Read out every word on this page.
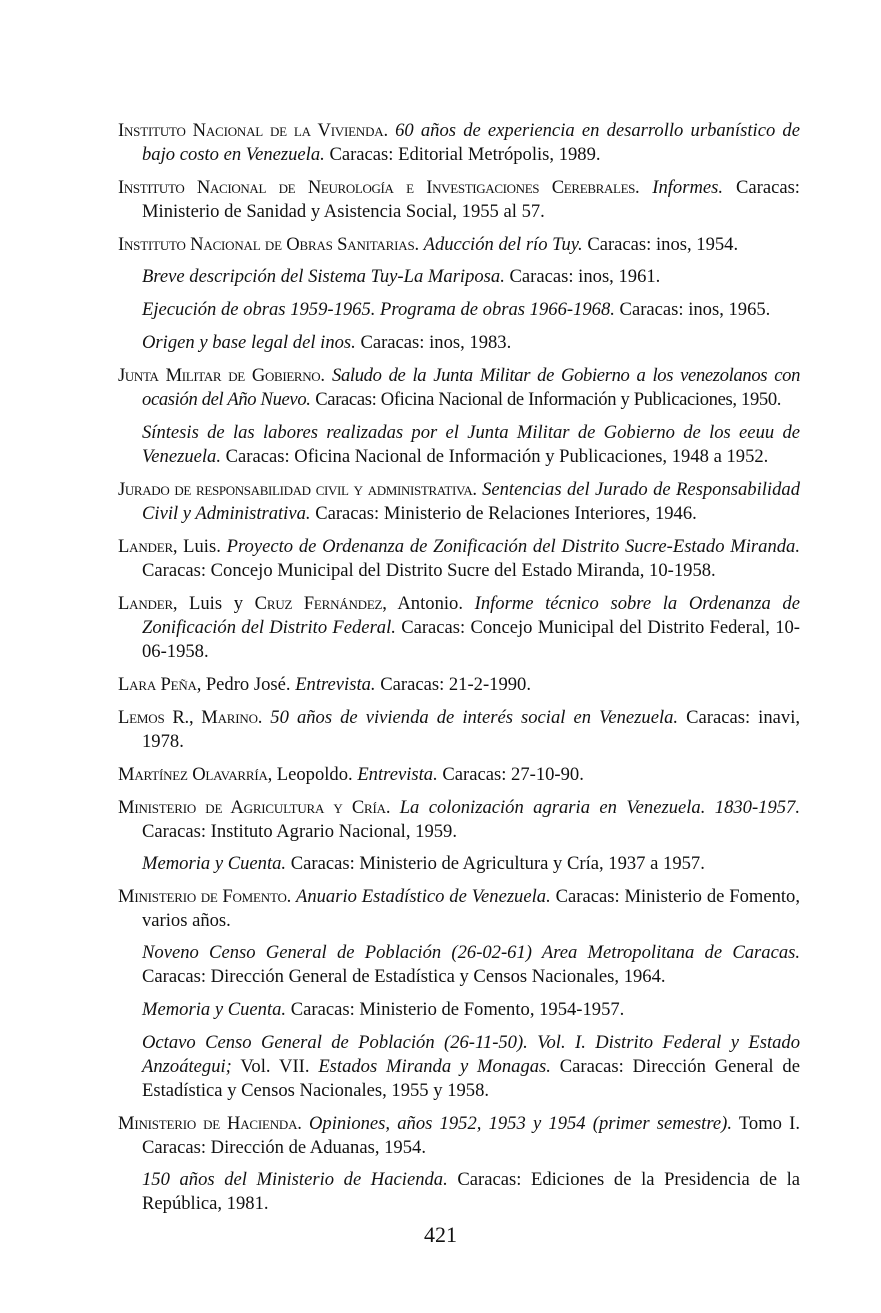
Instituto Nacional de la Vivienda. 60 años de experiencia en desarrollo urbanístico de bajo costo en Venezuela. Caracas: Editorial Metrópolis, 1989.

Instituto Nacional de Neurología e Investigaciones Cerebrales. Informes. Caracas: Ministerio de Sanidad y Asistencia Social, 1955 al 57.

Instituto Nacional de Obras Sanitarias. Aducción del río Tuy. Caracas: inos, 1954.

Breve descripción del Sistema Tuy-La Mariposa. Caracas: inos, 1961.

Ejecución de obras 1959-1965. Programa de obras 1966-1968. Caracas: inos, 1965.

Origen y base legal del inos. Caracas: inos, 1983.

Junta Militar de Gobierno. Saludo de la Junta Militar de Gobierno a los venezolanos con ocasión del Año Nuevo. Caracas: Oficina Nacional de Información y Publicaciones, 1950.

Síntesis de las labores realizadas por el Junta Militar de Gobierno de los eeuu de Venezuela. Caracas: Oficina Nacional de Información y Publicaciones, 1948 a 1952.

Jurado de responsabilidad civil y administrativa. Sentencias del Jurado de Responsabilidad Civil y Administrativa. Caracas: Ministerio de Relaciones Interiores, 1946.

Lander, Luis. Proyecto de Ordenanza de Zonificación del Distrito Sucre-Estado Miranda. Caracas: Concejo Municipal del Distrito Sucre del Estado Miranda, 10-1958.

Lander, Luis y Cruz Fernández, Antonio. Informe técnico sobre la Ordenanza de Zonificación del Distrito Federal. Caracas: Concejo Municipal del Distrito Federal, 10-06-1958.

Lara Peña, Pedro José. Entrevista. Caracas: 21-2-1990.

Lemos R., Marino. 50 años de vivienda de interés social en Venezuela. Caracas: inavi, 1978.

Martínez Olavarría, Leopoldo. Entrevista. Caracas: 27-10-90.

Ministerio de Agricultura y Cría. La colonización agraria en Venezuela. 1830-1957. Caracas: Instituto Agrario Nacional, 1959.

Memoria y Cuenta. Caracas: Ministerio de Agricultura y Cría, 1937 a 1957.

Ministerio de Fomento. Anuario Estadístico de Venezuela. Caracas: Ministerio de Fomento, varios años.

Noveno Censo General de Población (26-02-61) Area Metropolitana de Caracas. Caracas: Dirección General de Estadística y Censos Nacionales, 1964.

Memoria y Cuenta. Caracas: Ministerio de Fomento, 1954-1957.

Octavo Censo General de Población (26-11-50). Vol. I. Distrito Federal y Estado Anzoátegui; Vol. VII. Estados Miranda y Monagas. Caracas: Dirección General de Estadística y Censos Nacionales, 1955 y 1958.

Ministerio de Hacienda. Opiniones, años 1952, 1953 y 1954 (primer semestre). Tomo I. Caracas: Dirección de Aduanas, 1954.

150 años del Ministerio de Hacienda. Caracas: Ediciones de la Presidencia de la República, 1981.

421
